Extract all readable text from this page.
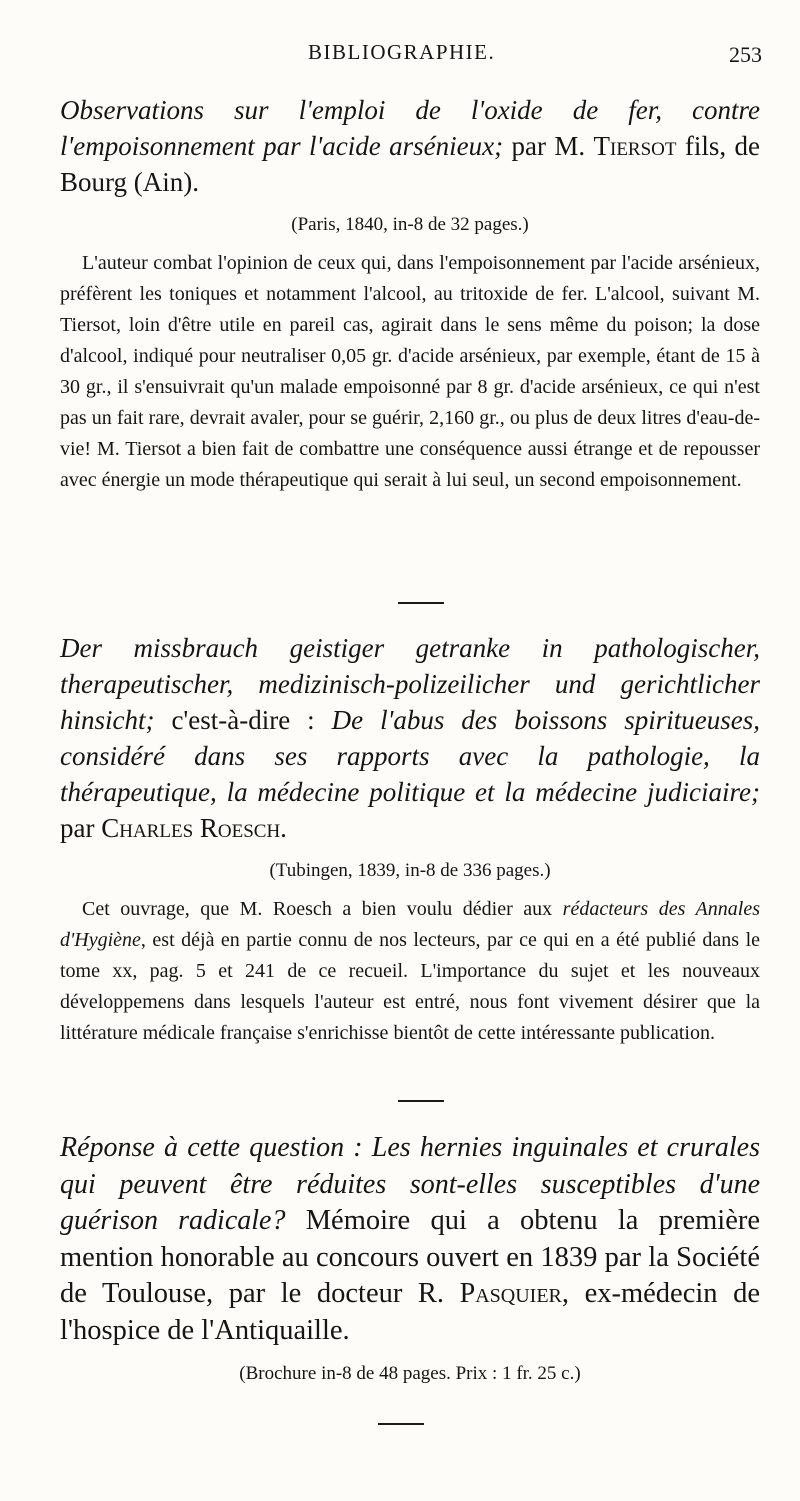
BIBLIOGRAPHIE.	253

Observations sur l'emploi de l'oxide de fer, contre l'empoisonnement par l'acide arsénieux; par M. Tiersot fils, de Bourg (Ain).

(Paris, 1840, in-8 de 32 pages.)

L'auteur combat l'opinion de ceux qui, dans l'empoisonnement par l'acide arsénieux, préfèrent les toniques et notamment l'alcool, au tritoxide de fer. L'alcool, suivant M. Tiersot, loin d'être utile en pareil cas, agirait dans le sens même du poison; la dose d'alcool, indiqué pour neutraliser 0,05 gr. d'acide arsénieux, par exemple, étant de 15 à 30 gr., il s'ensuivrait qu'un malade empoisonné par 8 gr. d'acide arsénieux, ce qui n'est pas un fait rare, devrait avaler, pour se guérir, 2,160 gr., ou plus de deux litres d'eau-de-vie! M. Tiersot a bien fait de combattre une conséquence aussi étrange et de repousser avec énergie un mode thérapeutique qui serait à lui seul, un second empoisonnement.

Der missbrauch geistiger getranke in pathologischer, therapeutischer, medizinisch-polizeilicher und gerichtlicher hinsicht; c'est-à-dire : De l'abus des boissons spiritueuses, considéré dans ses rapports avec la pathologie, la thérapeutique, la médecine politique et la médecine judiciaire; par Charles Roesch.

(Tubingen, 1839, in-8 de 336 pages.)

Cet ouvrage, que M. Roesch a bien voulu dédier aux rédacteurs des Annales d'Hygiène, est déjà en partie connu de nos lecteurs, par ce qui en a été publié dans le tome xx, pag. 5 et 241 de ce recueil. L'importance du sujet et les nouveaux développemens dans lesquels l'auteur est entré, nous font vivement désirer que la littérature médicale française s'enrichisse bientôt de cette intéressante publication.

Réponse à cette question : Les hernies inguinales et crurales qui peuvent être réduites sont-elles susceptibles d'une guérison radicale? Mémoire qui a obtenu la première mention honorable au concours ouvert en 1839 par la Société de Toulouse, par le docteur R. Pasquier, ex-médecin de l'hospice de l'Antiquaille.

(Brochure in-8 de 48 pages. Prix : 1 fr. 25 c.)
